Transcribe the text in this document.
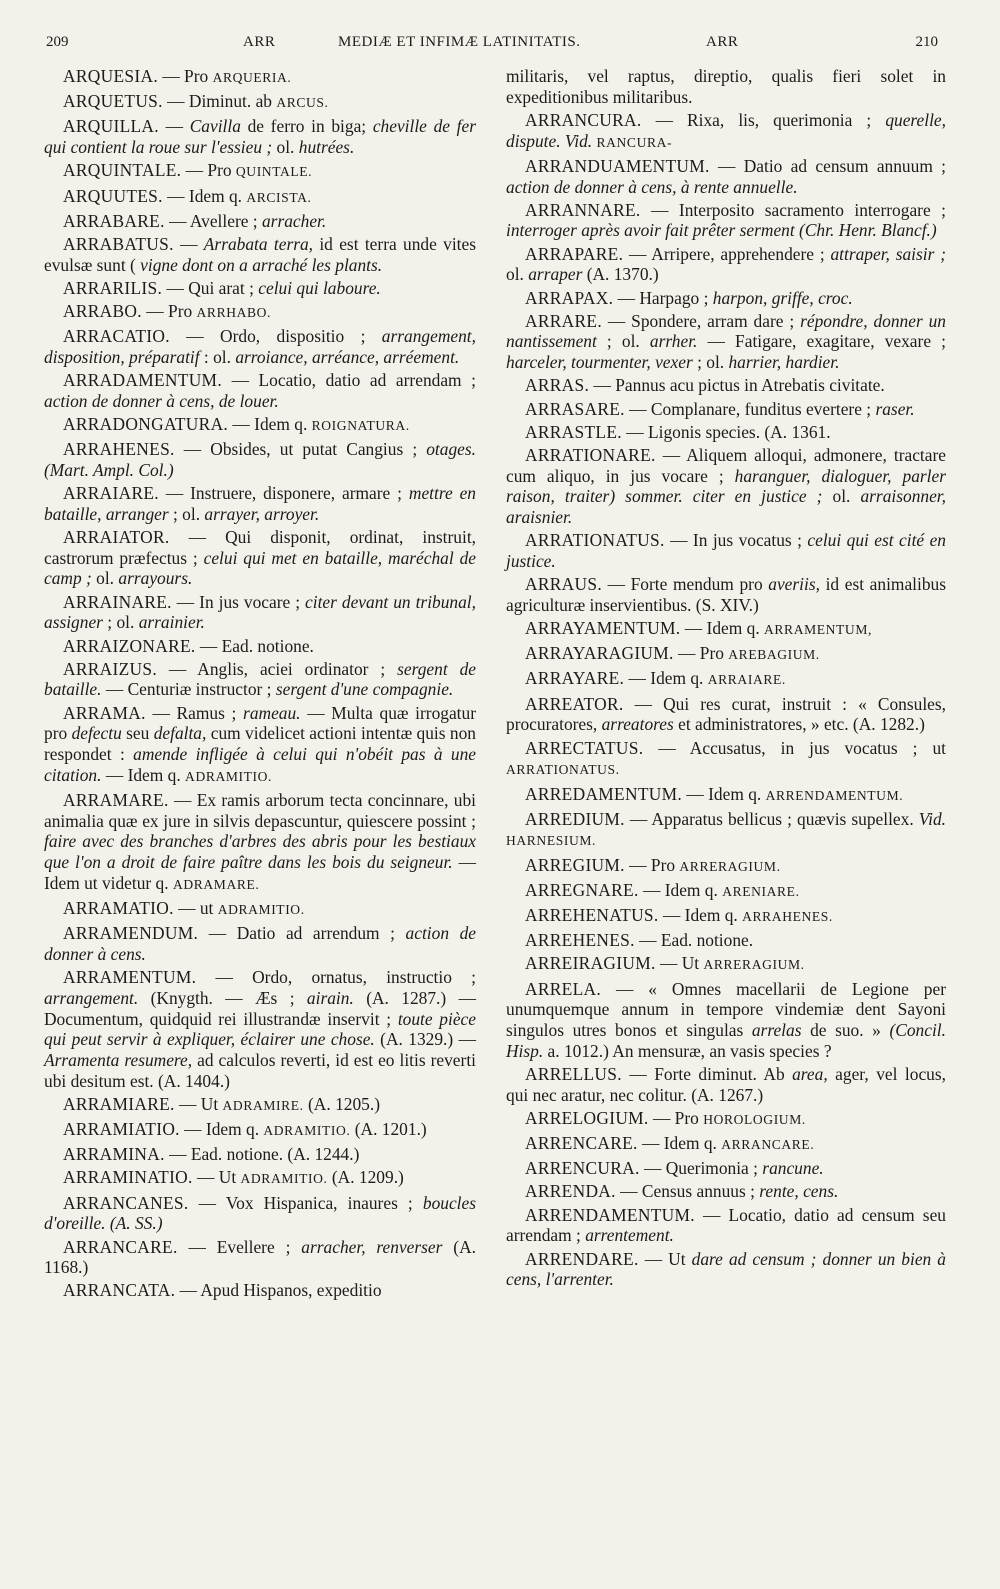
209	ARR	MEDIÆ ET INFIMÆ LATINITATIS.	ARR	210

ARQUESIA. — Pro ARQUERIA.

ARQUETUS. — Diminut. ab ARCUS.

ARQUILLA. — Cavilla de ferro in biga; cheville de fer qui contient la roue sur l'essieu ; ol. hutrées.

ARQUINTALE. — Pro QUINTALE.

ARQUUTES. — Idem q. ARCISTA.

ARRABARE. — Avellere ; arracher.

ARRABATUS. — Arrabata terra, id est terra unde vites evulsæ sunt ( vigne dont on a arraché les plants.

ARRARILIS. — Qui arat ; celui qui laboure.

ARRABO. — Pro ARRHABO.

ARRACATIO. — Ordo, dispositio ; arrangement, disposition, préparatif : ol. arroiance, arréance, arréement.

ARRADAMENTUM. — Locatio, datio ad arrendam ; action de donner à cens, de louer.

ARRADONGATURA. — Idem q. ROIGNATURA.

ARRAHENES. — Obsides, ut putat Cangius ; otages. (Mart. Ampl. Col.)

ARRAIARE. — Instruere, disponere, armare ; mettre en bataille, arranger ; ol. arrayer, arroyer.

ARRAIATOR. — Qui disponit, ordinat, instruit, castrorum præfectus ; celui qui met en bataille, maréchal de camp ; ol. arrayours.

ARRAINARE. — In jus vocare ; citer devant un tribunal, assigner ; ol. arrainier.

ARRAIZONARE. — Ead. notione.

ARRAIZUS. — Anglis, aciei ordinator ; sergent de bataille. — Centuriæ instructor ; sergent d'une compagnie.

ARRAMA. — Ramus ; rameau. — Multa quæ irrogatur pro defectu seu defalta, cum videlicet actioni intentæ quis non respondet : amende infligée à celui qui n'obéit pas à une citation. — Idem q. ADRAMITIO.

ARRAMARE. — Ex ramis arborum tecta concinnare, ubi animalia quæ ex jure in silvis depascuntur, quiescere possint ; faire avec des branches d'arbres des abris pour les bestiaux que l'on a droit de faire paître dans les bois du seigneur. — Idem ut videtur q. ADRAMARE.

ARRAMATIO. — ut ADRAMITIO.

ARRAMENDUM. — Datio ad arrendum ; action de donner à cens.

ARRAMENTUM. — Ordo, ornatus, instructio ; arrangement. (Knygth. — Æs ; airain. (A. 1287.) — Documentum, quidquid rei illustrandæ inservit ; toute pièce qui peut servir à expliquer, éclairer une chose. (A. 1329.) — Arramenta resumere, ad calculos reverti, id est eo litis reverti ubi desitum est. (A. 1404.)

ARRAMIARE. — Ut ADRAMIRE. (A. 1205.)

ARRAMIATIO. — Idem q. ADRAMITIO. (A. 1201.)

ARRAMINA. — Ead. notione. (A. 1244.)

ARRAMINATIO. — Ut ADRAMITIO. (A. 1209.)

ARRANCANES. — Vox Hispanica, inaures ; boucles d'oreille. (A. SS.)

ARRANCARE. — Evellere ; arracher, renverser (A. 1168.)

ARRANCATA. — Apud Hispanos, expeditio

militaris, vel raptus, direptio, qualis fieri solet in expeditionibus militaribus.

ARRANCURA. — Rixa, lis, querimonia ; querelle, dispute. Vid. RANCURA-

ARRANDUAMENTUM. — Datio ad censum annuum ; action de donner à cens, à rente annuelle.

ARRANNARE. — Interposito sacramento interrogare ; interroger après avoir fait prêter serment (Chr. Henr. Blancf.)

ARRAPARE. — Arripere, apprehendere ; attraper, saisir ; ol. arraper (A. 1370.)

ARRAPAX. — Harpago ; harpon, griffe, croc.

ARRARE. — Spondere, arram dare ; répondre, donner un nantissement ; ol. arrher. — Fatigare, exagitare, vexare ; harceler, tourmenter, vexer ; ol. harrier, hardier.

ARRAS. — Pannus acu pictus in Atrebatis civitate.

ARRASARE. — Complanare, funditus evertere ; raser.

ARRASTLE. — Ligonis species. (A. 1361.

ARRATIONARE. — Aliquem alloqui, admonere, tractare cum aliquo, in jus vocare ; haranguer, dialoguer, parler raison, traiter) sommer. citer en justice ; ol. arraisonner, araisnier.

ARRATIONATUS. — In jus vocatus ; celui qui est cité en justice.

ARRAUS. — Forte mendum pro averiis, id est animalibus agriculturæ inservientibus. (S. XIV.)

ARRAYAMENTUM. — Idem q. ARRAMENTUM,

ARRAYARAGIUM. — Pro AREBAGIUM.

ARRAYARE. — Idem q. ARRAIARE.

ARREATOR. — Qui res curat, instruit : « Consules, procuratores, arreatores et administratores, » etc. (A. 1282.)

ARRECTATUS. — Accusatus, in jus vocatus ; ut ARRATIONATUS.

ARREDAMENTUM. — Idem q. ARRENDAMENTUM.

ARREDIUM. — Apparatus bellicus ; quævis supellex. Vid. HARNESIUM.

ARREGIUM. — Pro ARRERAGIUM.

ARREGNARE. — Idem q. ARENIARE.

ARREHENATUS. — Idem q. ARRAHENES.

ARREHENES. — Ead. notione.

ARREIRAGIUM. — Ut ARRERAGIUM.

ARRELA. — « Omnes macellarii de Legione per unumquemque annum in tempore vindemiæ dent Sayoni singulos utres bonos et singulas arrelas de suo. » (Concil. Hisp. a. 1012.) An mensuræ, an vasis species ?

ARRELLUS. — Forte diminut. Ab area, ager, vel locus, qui nec aratur, nec colitur. (A. 1267.)

ARRELOGIUM. — Pro HOROLOGIUM.

ARRENCARE. — Idem q. ARRANCARE.

ARRENCURA. — Querimonia ; rancune.

ARRENDA. — Census annuus ; rente, cens.

ARRENDAMENTUM. — Locatio, datio ad censum seu arrendam ; arrentement.

ARRENDARE. — Ut dare ad censum ; donner un bien à cens, l'arrenter.
